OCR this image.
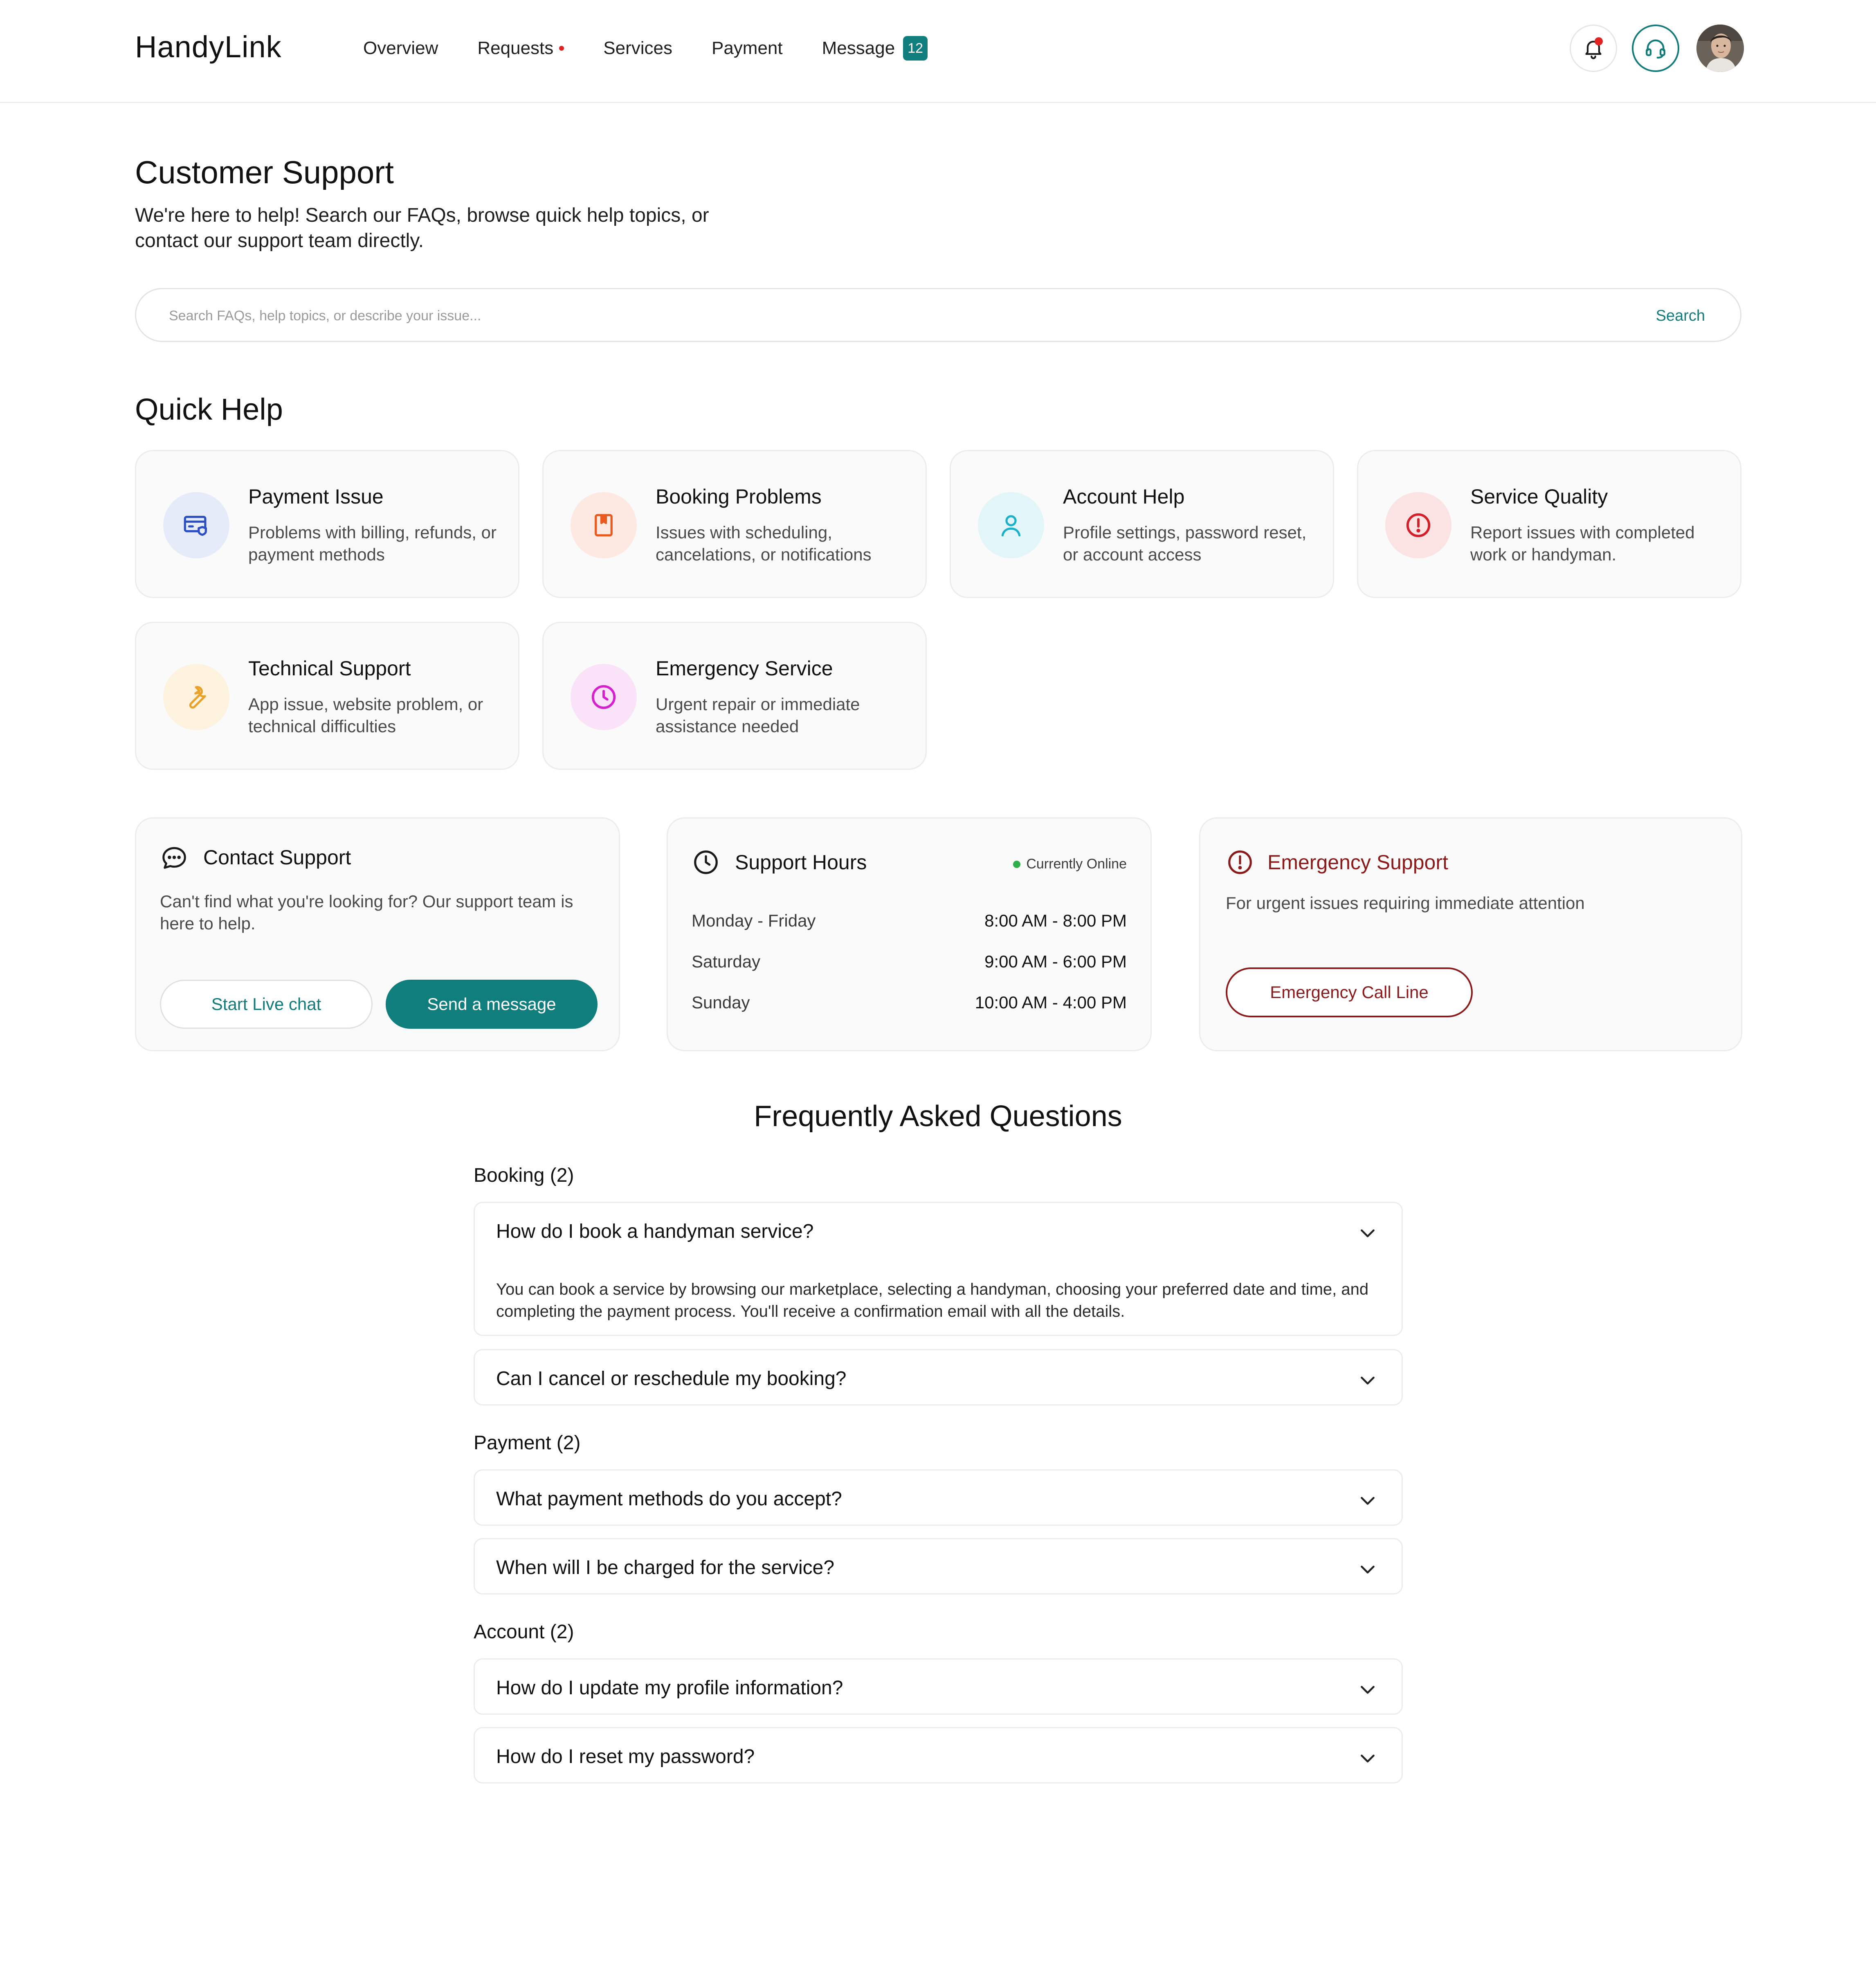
HandyLink	Overview Requests	Services Payment Message 12
Customer Support
We're here to help! Search our FAQs, browse quick help topics, or contact our support team directly.
Search FAQs, help topics, or describe your issue...
Search
Quick Help
Payment Issue
Problems with billing, refunds, or payment methods
Booking Problems
Issues with scheduling, cancelations, or notifications
Account Help
Profile settings, password reset, or account access
Service Quality
Report issues with completed work or handyman.
Technical Support
App issue, website problem, or technical difficulties
Emergency Service
Urgent repair or immediate assistance needed
Contact Support
Can't find what you're looking for? Our support team is here to help.
Start Live chat	Send a message
Support Hours	Currently Online
Monday - Friday	8:00 AM - 8:00 PM
Saturday	9:00 AM - 6:00 PM
Sunday	10:00 AM - 4:00 PM
Emergency Support
For urgent issues requiring immediate attention
Emergency Call Line
Frequently Asked Questions
Booking (2)
How do I book a handyman service?
You can book a service by browsing our marketplace, selecting a handyman, choosing your preferred date and time, and completing the payment process. You'll receive a confirmation email with all the details.
Can I cancel or reschedule my booking?
Payment (2)
What payment methods do you accept?
When will I be charged for the service?
Account (2)
How do I update my profile information?
How do I reset my password?
